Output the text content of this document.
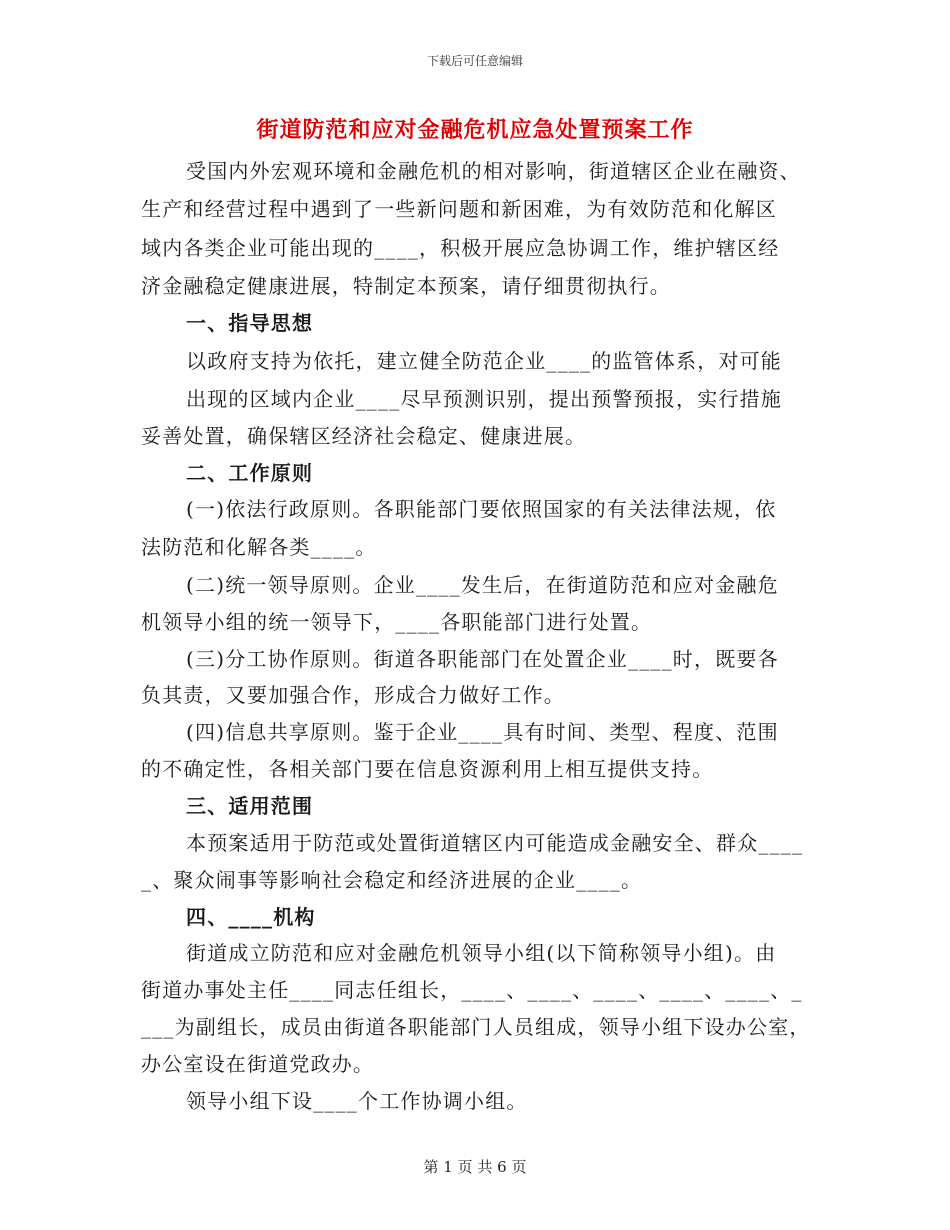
下载后可任意编辑
街道防范和应对金融危机应急处置预案工作
受国内外宏观环境和金融危机的相对影响，街道辖区企业在融资、
生产和经营过程中遇到了一些新问题和新困难，为有效防范和化解区
域内各类企业可能出现的____，积极开展应急协调工作，维护辖区经
济金融稳定健康进展，特制定本预案，请仔细贯彻执行。
一、指导思想
以政府支持为依托，建立健全防范企业____的监管体系，对可能
出现的区域内企业____尽早预测识别，提出预警预报，实行措施
妥善处置，确保辖区经济社会稳定、健康进展。
二、工作原则
(一)依法行政原则。各职能部门要依照国家的有关法律法规，依
法防范和化解各类____。
(二)统一领导原则。企业____发生后，在街道防范和应对金融危
机领导小组的统一领导下，____各职能部门进行处置。
(三)分工协作原则。街道各职能部门在处置企业____时，既要各
负其责，又要加强合作，形成合力做好工作。
(四)信息共享原则。鉴于企业____具有时间、类型、程度、范围
的不确定性，各相关部门要在信息资源利用上相互提供支持。
三、适用范围
本预案适用于防范或处置街道辖区内可能造成金融安全、群众____
_、聚众闹事等影响社会稳定和经济进展的企业____。
四、____机构
街道成立防范和应对金融危机领导小组(以下简称领导小组)。由
街道办事处主任____同志任组长，____、____、____、____、____、_
___为副组长，成员由街道各职能部门人员组成，领导小组下设办公室，
办公室设在街道党政办。
领导小组下设____个工作协调小组。
第 1 页 共 6 页
